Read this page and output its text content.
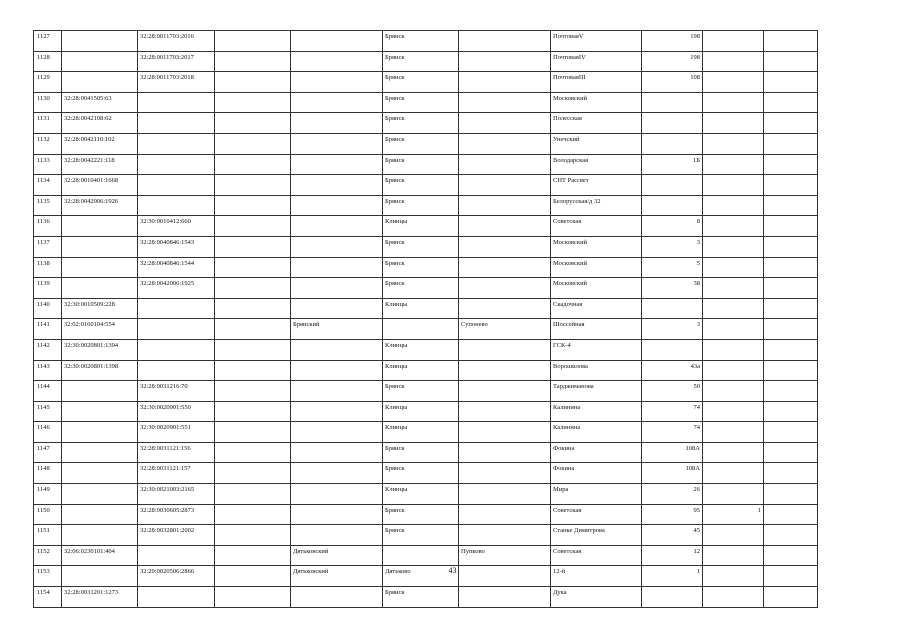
1127		32:28:0011703:2016			Брянск		ПочтоваяV	198		
1128		32:28:0011703:2017			Брянск		ПочтоваяIV	198		
1129		32:28:0011703:2018			Брянск		ПочтоваяIII	108		
1130	32:28:0041505:63				Брянск		Московский			
1131	32:28:0042108:62				Брянск		Полесская			
1132	32:28:0042110:102				Брянск		Унечский			
1133	32:28:0042221:118				Брянск		Володарская	1Б		
1134	32:28:0010401:1668				Брянск		СНТ Рассвет			
1135	32:28:0042006:1926				Брянск		Белорусская/д 32			
1136		32:30:0010412:660			Клинцы		Советская	8		
1137		32:28:0040846:1543			Брянск		Московский	3		
1138		32:28:0040846:1544			Брянск		Московский	5		
1139		32:28:0042006:1925			Брянск		Московский	38		
1140	32:30:0010509:228				Клинцы		Скадочная			
1141	32:02:0160104:554			Брянский		Супонево	Шоссейная	3		
1142	32:30:0020801:1394				Клинцы		ГСК-4			
1143	32:30:0020801:1398				Клинцы		Ворошилова	43а		
1144		32:28:0031216:70			Брянск		Тарджиманова	50		
1145		32:30:0020901:550			Клинцы		Калинина	74		
1146		32:30:0020901:551			Клинцы		Калинина	74		
1147		32:28:0031121:156			Брянск		Фокина	108А		
1148		32:28:0031121:157			Брянск		Фокина	108А		
1149		32:30:0021003:2165			Клинцы		Мира	26		
1150		32:28:0030605:2873			Брянск		Советская	95	1	
1151		32:28:0032801:2002			Брянск		Станке Димитрова	45		
1152	32:06:0230101:404			Дятьковский		Пупково	Советская	12		
1153		32:29:0020506:2866		Дятьковский	Дятьково		12-й	1		
1154	32:28:0031201:1273				Брянск		Дука			
43
